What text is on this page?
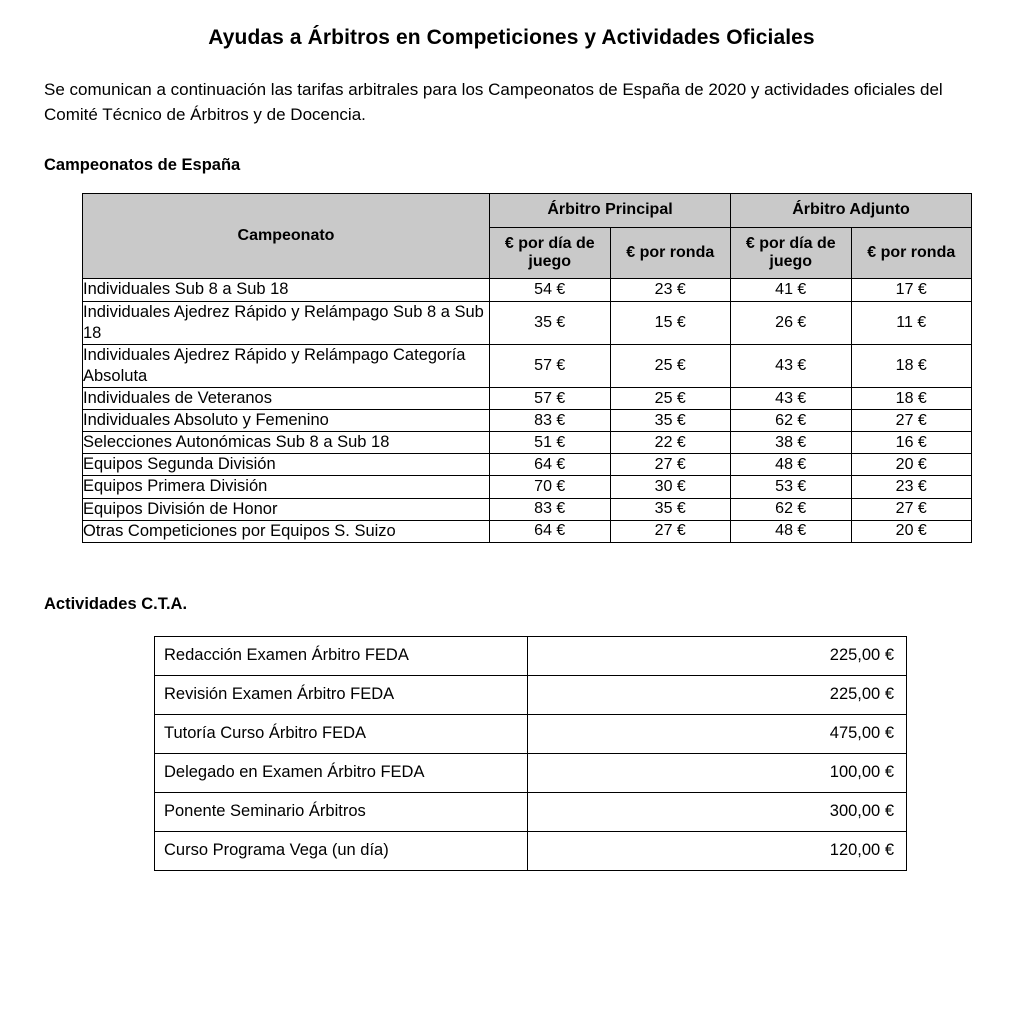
Ayudas a Árbitros en Competiciones y Actividades Oficiales

Se comunican a continuación las tarifas arbitrales para los Campeonatos de España de 2020 y actividades oficiales del Comité Técnico de Árbitros y de Docencia.

Campeonatos de España
Campeonato	Árbitro Principal		Árbitro Adjunto	
	€ por día de juego	€ por ronda	€ por día de juego	€ por ronda
Individuales Sub 8 a Sub 18	54 €	23 €	41 €	17 €
Individuales Ajedrez Rápido y Relámpago Sub 8 a Sub 18	35 €	15 €	26 €	11 €
Individuales Ajedrez Rápido y Relámpago Categoría Absoluta	57 €	25 €	43 €	18 €
Individuales de Veteranos	57 €	25 €	43 €	18 €
Individuales Absoluto y Femenino	83 €	35 €	62 €	27 €
Selecciones Autonómicas Sub 8 a Sub 18	51 €	22 €	38 €	16 €
Equipos Segunda División	64 €	27 €	48 €	20 €
Equipos Primera División	70 €	30 €	53 €	23 €
Equipos División de Honor	83 €	35 €	62 €	27 €
Otras Competiciones por Equipos S. Suizo	64 €	27 €	48 €	20 €
Actividades C.T.A.
Redacción Examen Árbitro FEDA	225,00 €
Revisión Examen Árbitro FEDA	225,00 €
Tutoría Curso Árbitro FEDA	475,00 €
Delegado en Examen Árbitro FEDA	100,00 €
Ponente Seminario Árbitros	300,00 €
Curso Programa Vega (un día)	120,00 €
